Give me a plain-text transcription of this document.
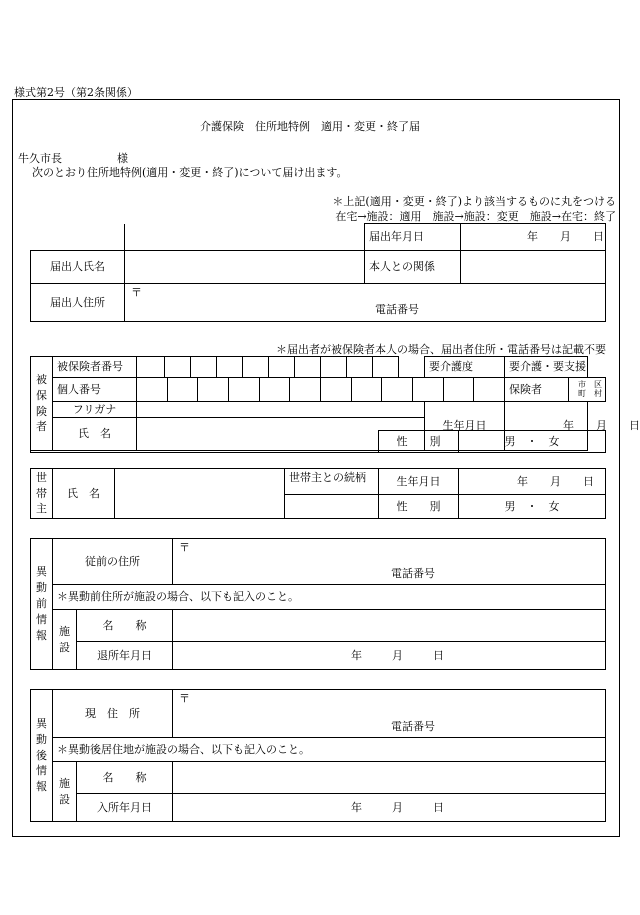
様式第2号（第2条関係）
介護保険　住所地特例　適用・変更・終了届
牛久市長　　　　　様
次のとおり住所地特例(適用・変更・終了)について届け出ます。
＊上記(適用・変更・終了)より該当するものに丸をつける
在宅→施設：適用　施設→施設：変更　施設→在宅：終了
		届出年月日	年 月 日
届出人氏名		本人との関係	
届出人住所	〒
電話番号		
＊届出者が被保険者本人の場合、届出者住所・電話番号は記載不要
被保険者	被保険者番号												要介護度	要介護・要支援	
	個人番号													保険者	市　 区
町　 村

	フリガナ												生年月日	年 月 日	
	氏　名														
	性　　別	男　 ・　 女
世帯主	氏　名		世帯主との続柄	生年月日	年 月 日
				性　　別	男　 ・　 女
異動前情報	従前の住所		〒
電話番号

	＊異動前住所が施設の場合、以下も記入のこと。		
	施設	名　　称	
		退所年月日	年 月 日
異動後情報	現　住　所		〒
電話番号

	＊異動後居住地が施設の場合、以下も記入のこと。		
	施設	名　　称	
		入所年月日	年 月 日
